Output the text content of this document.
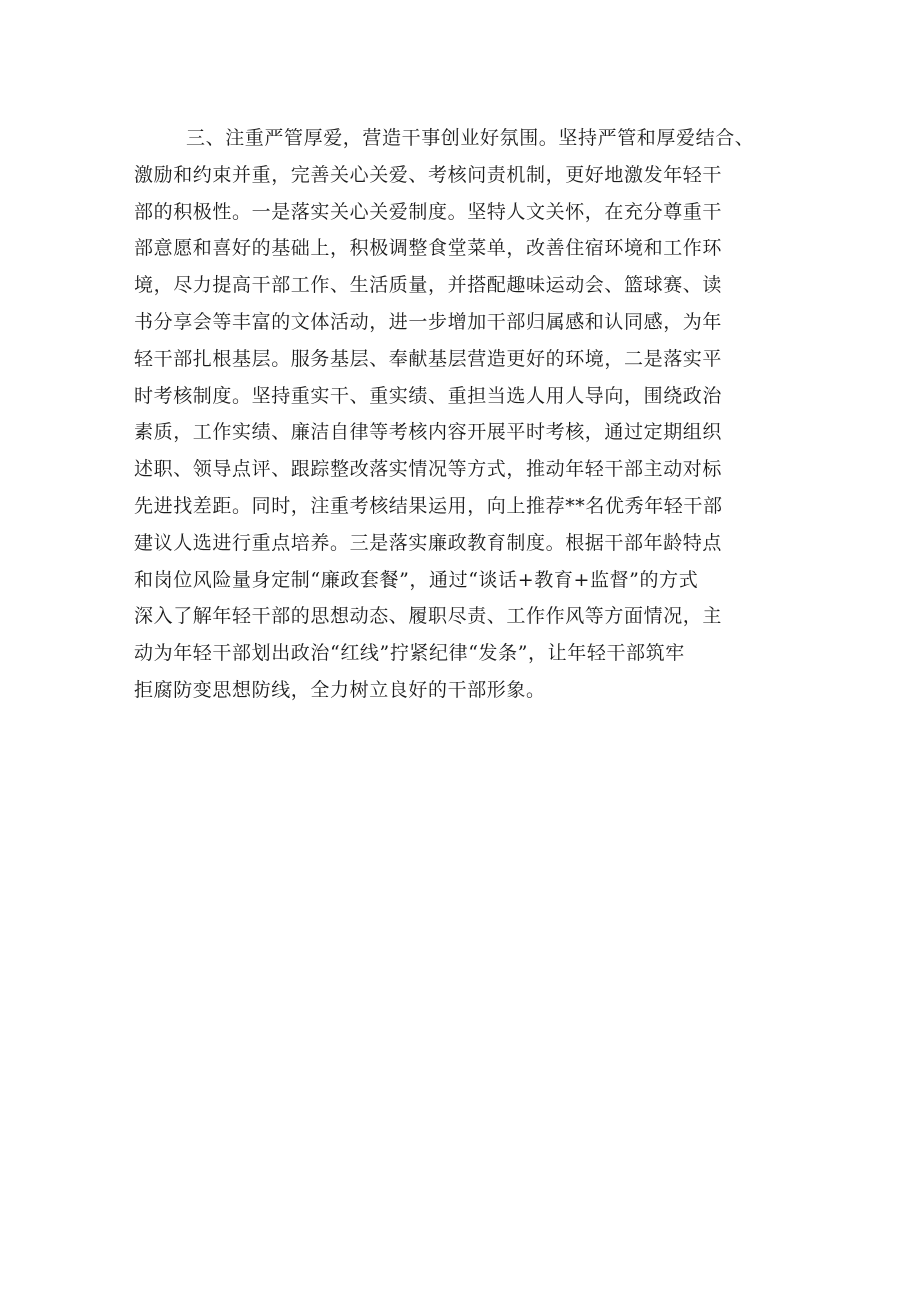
三、注重严管厚爱，营造干事创业好氛围。坚持严管和厚爱结合、
激励和约束并重，完善关心关爱、考核问责机制，更好地激发年轻干
部的积极性。一是落实关心关爱制度。坚特人文关怀，在充分尊重干
部意愿和喜好的基础上，积极调整食堂菜单，改善住宿环境和工作环
境，尽力提高干部工作、生活质量，并搭配趣味运动会、篮球赛、读
书分享会等丰富的文体活动，进一步增加干部归属感和认同感，为年
轻干部扎根基层。服务基层、奉献基层营造更好的环境，二是落实平
时考核制度。坚持重实干、重实绩、重担当选人用人导向，围绕政治
素质，工作实绩、廉洁自律等考核内容开展平时考核，通过定期组织
述职、领导点评、跟踪整改落实情况等方式，推动年轻干部主动对标
先进找差距。同时，注重考核结果运用，向上推荐**名优秀年轻干部
建议人选进行重点培养。三是落实廉政教育制度。根据干部年龄特点
和岗位风险量身定制“廉政套餐”，通过“谈话+教育+监督”的方式
深入了解年轻干部的思想动态、履职尽责、工作作风等方面情况，主
动为年轻干部划出政治“红线”拧紧纪律“发条”，让年轻干部筑牢
拒腐防变思想防线，全力树立良好的干部形象。
